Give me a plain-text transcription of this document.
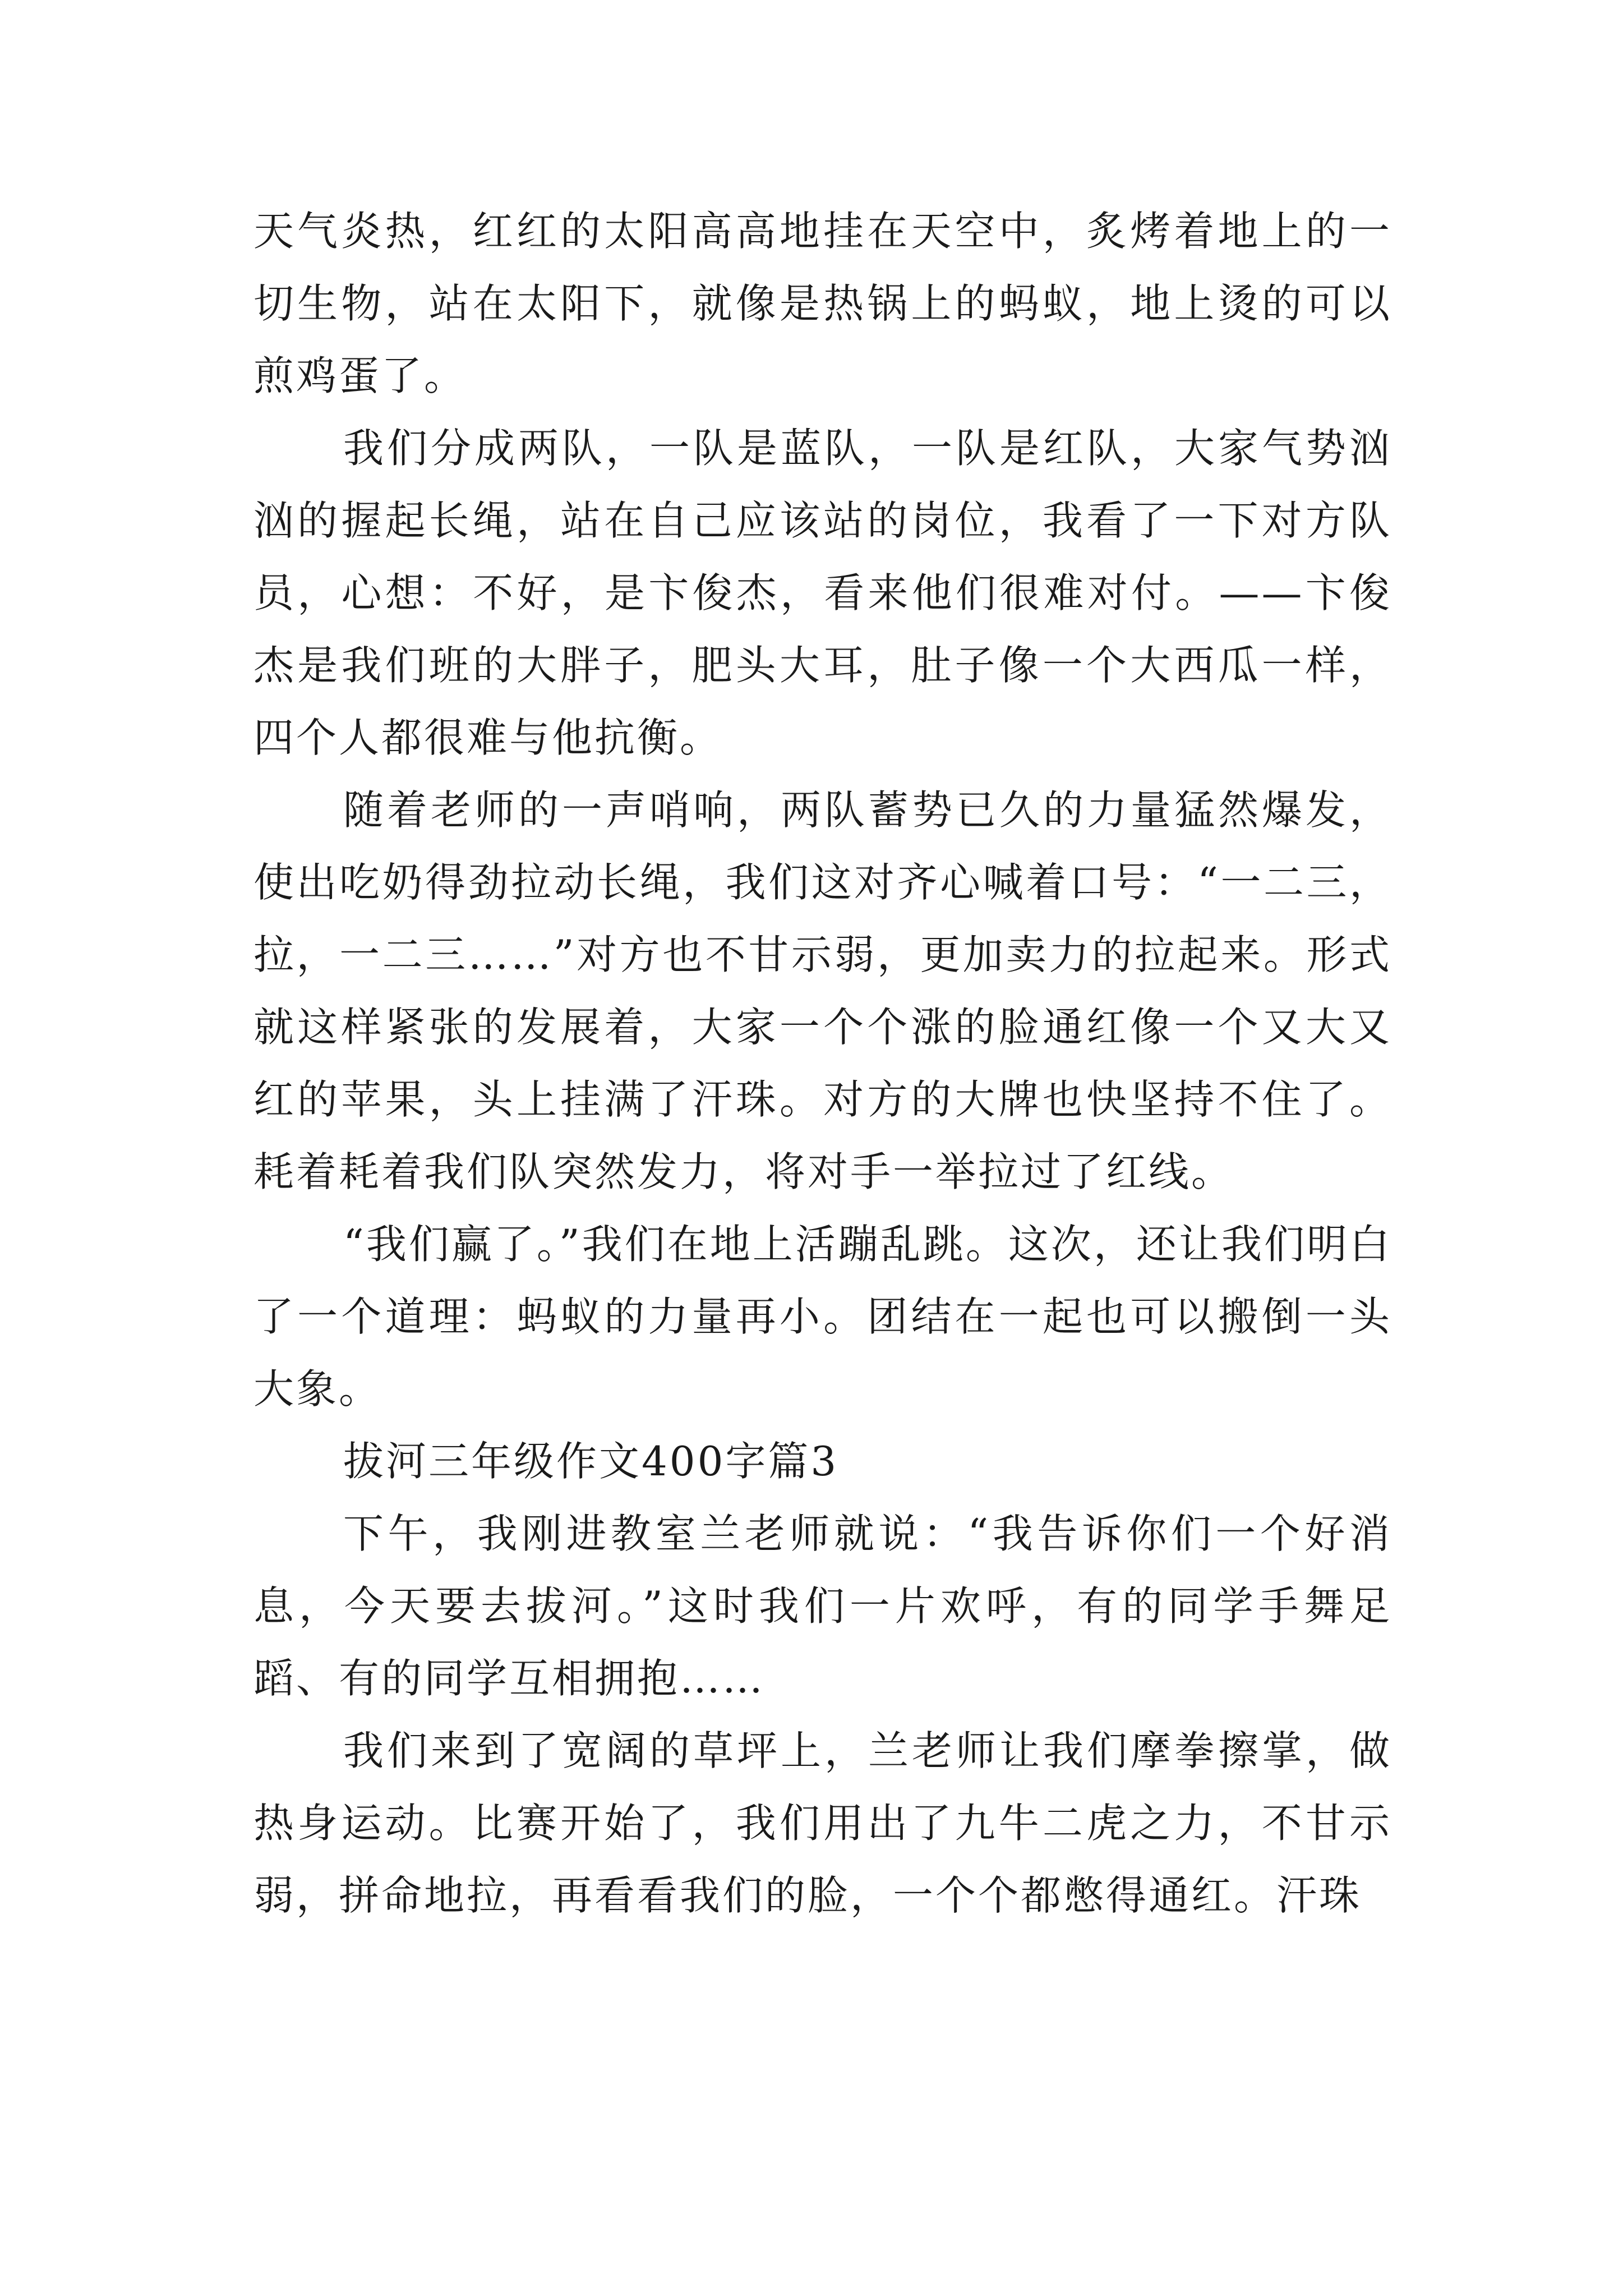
天气炎热，红红的太阳高高地挂在天空中，炙烤着地上的一切生物，站在太阳下，就像是热锅上的蚂蚁，地上烫的可以煎鸡蛋了。

我们分成两队，一队是蓝队，一队是红队，大家气势汹汹的握起长绳，站在自己应该站的岗位，我看了一下对方队员，心想：不好，是卞俊杰，看来他们很难对付。——卞俊杰是我们班的大胖子，肥头大耳，肚子像一个大西瓜一样，四个人都很难与他抗衡。

随着老师的一声哨响，两队蓄势已久的力量猛然爆发，使出吃奶得劲拉动长绳，我们这对齐心喊着口号：“一二三，拉，一二三……”对方也不甘示弱，更加卖力的拉起来。形式就这样紧张的发展着，大家一个个涨的脸通红像一个又大又红的苹果，头上挂满了汗珠。对方的大牌也快坚持不住了。耗着耗着我们队突然发力，将对手一举拉过了红线。

“我们赢了。”我们在地上活蹦乱跳。这次，还让我们明白了一个道理：蚂蚁的力量再小。团结在一起也可以搬倒一头大象。

拔河三年级作文400字篇3

下午，我刚进教室兰老师就说：“我告诉你们一个好消息，今天要去拔河。”这时我们一片欢呼，有的同学手舞足蹈、有的同学互相拥抱……

我们来到了宽阔的草坪上，兰老师让我们摩拳擦掌，做热身运动。比赛开始了，我们用出了九牛二虎之力，不甘示弱，拼命地拉，再看看我们的脸，一个个都憋得通红。汗珠
